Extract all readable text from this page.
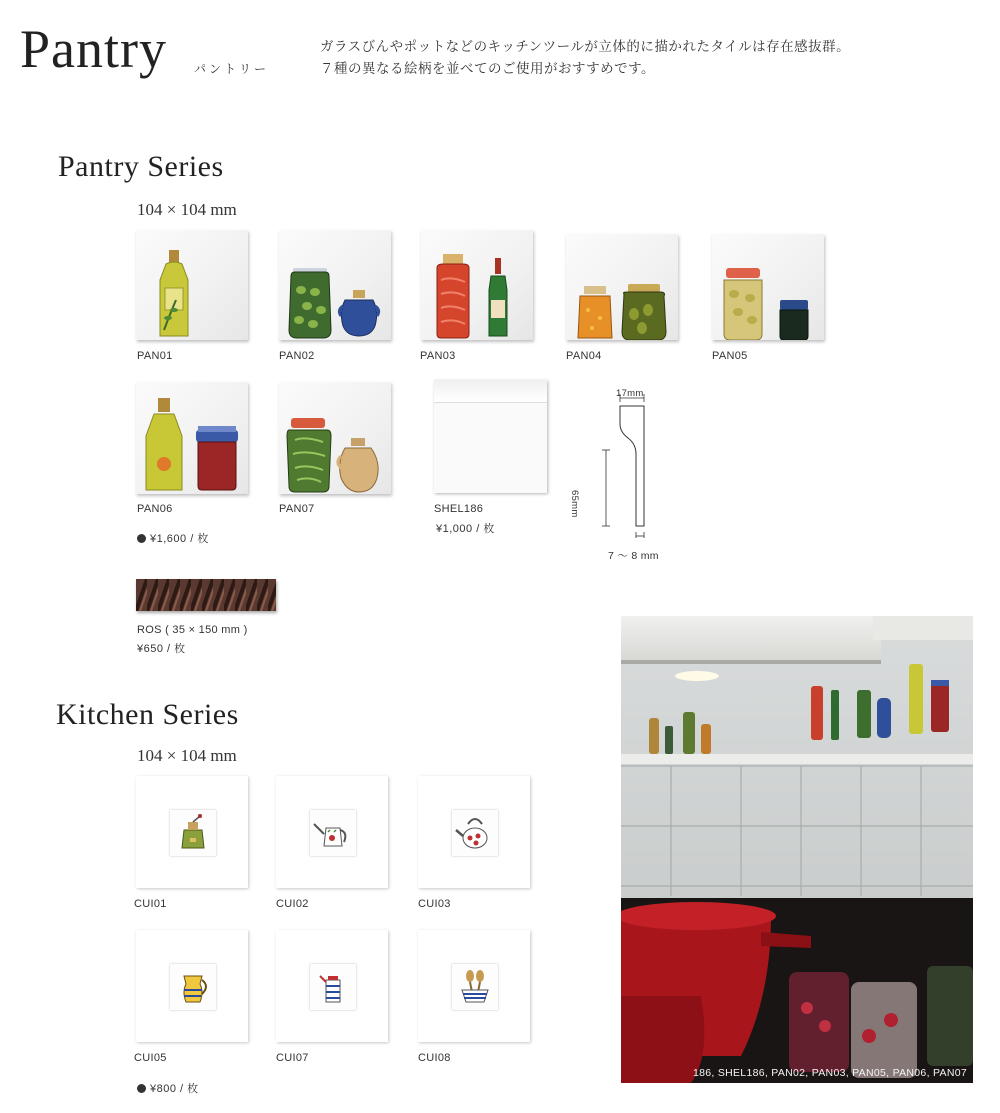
Pantry パントリー
ガラスびんやポットなどのキッチンツールが立体的に描かれたタイルは存在感抜群。
７種の異なる絵柄を並べてのご使用がおすすめです。
Pantry Series
104 × 104 mm
PAN01	PAN02	PAN03	PAN04	PAN05
PAN06	PAN07
¥1,600 / 枚
SHEL186
¥1,000 / 枚
17mm
65mm
7 ～ 8 mm
ROS ( 35 × 150 mm )
¥650 / 枚
Kitchen Series
104 × 104 mm
CUI01	CUI02	CUI03
CUI05	CUI07	CUI08
¥800 / 枚
186, SHEL186, PAN02, PAN03, PAN05, PAN06, PAN07
